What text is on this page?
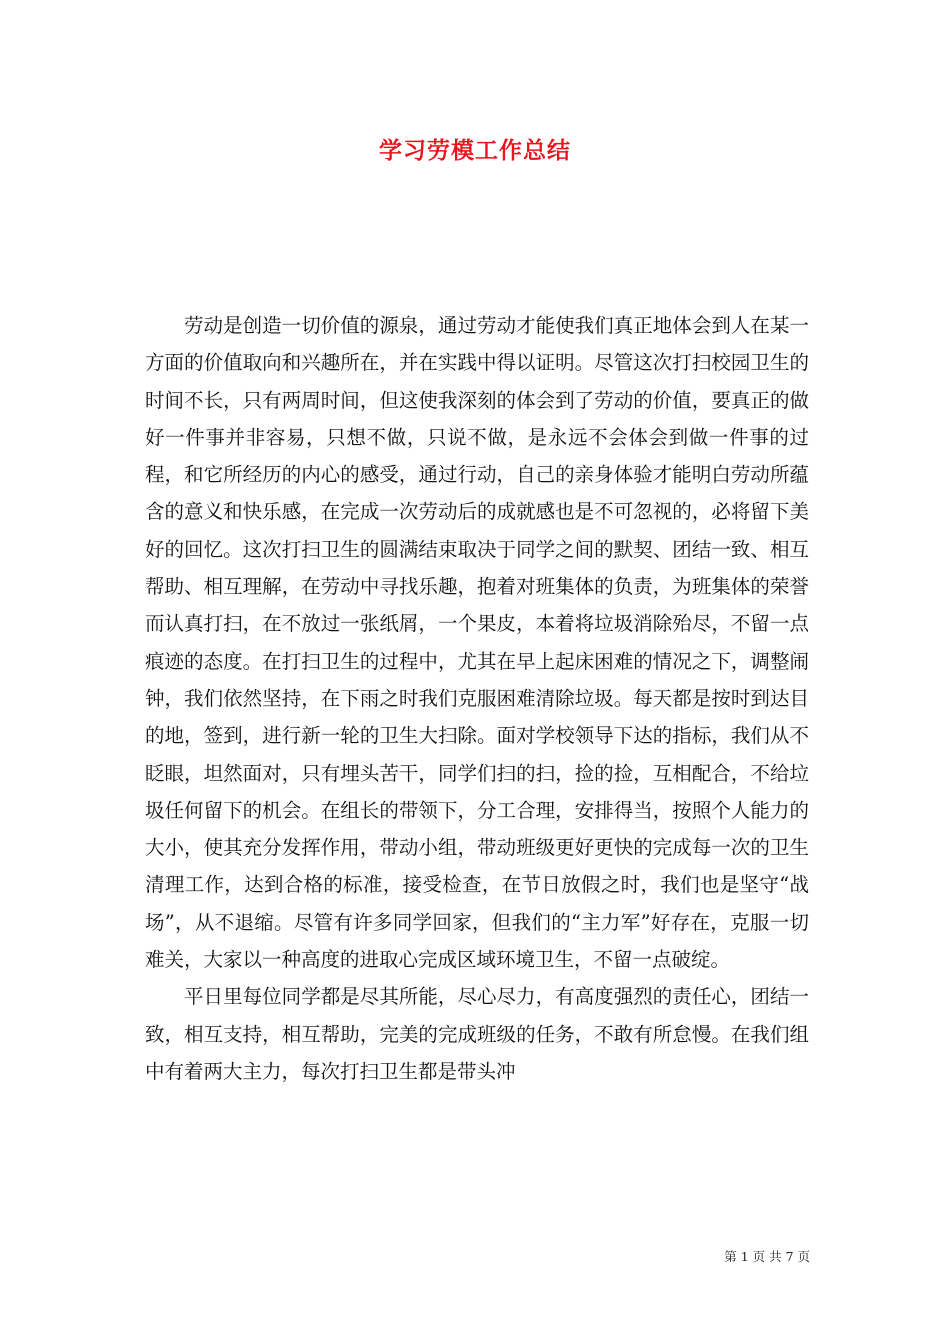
学习劳模工作总结

劳动是创造一切价值的源泉，通过劳动才能使我们真正地体会到人在某一方面的价值取向和兴趣所在，并在实践中得以证明。尽管这次打扫校园卫生的时间不长，只有两周时间，但这使我深刻的体会到了劳动的价值，要真正的做好一件事并非容易，只想不做，只说不做，是永远不会体会到做一件事的过程，和它所经历的内心的感受，通过行动，自己的亲身体验才能明白劳动所蕴含的意义和快乐感，在完成一次劳动后的成就感也是不可忽视的，必将留下美好的回忆。这次打扫卫生的圆满结束取决于同学之间的默契、团结一致、相互帮助、相互理解，在劳动中寻找乐趣，抱着对班集体的负责，为班集体的荣誉而认真打扫，在不放过一张纸屑，一个果皮，本着将垃圾消除殆尽，不留一点痕迹的态度。在打扫卫生的过程中，尤其在早上起床困难的情况之下，调整闹钟，我们依然坚持，在下雨之时我们克服困难清除垃圾。每天都是按时到达目的地，签到，进行新一轮的卫生大扫除。面对学校领导下达的指标，我们从不眨眼，坦然面对，只有埋头苦干，同学们扫的扫，捡的捡，互相配合，不给垃圾任何留下的机会。在组长的带领下，分工合理，安排得当，按照个人能力的大小，使其充分发挥作用，带动小组，带动班级更好更快的完成每一次的卫生清理工作，达到合格的标准，接受检查，在节日放假之时，我们也是坚守“战场”，从不退缩。尽管有许多同学回家，但我们的“主力军”好存在，克服一切难关，大家以一种高度的进取心完成区域环境卫生，不留一点破绽。

平日里每位同学都是尽其所能，尽心尽力，有高度强烈的责任心，团结一致，相互支持，相互帮助，完美的完成班级的任务，不敢有所怠慢。在我们组中有着两大主力，每次打扫卫生都是带头冲

第 1 页 共 7 页
